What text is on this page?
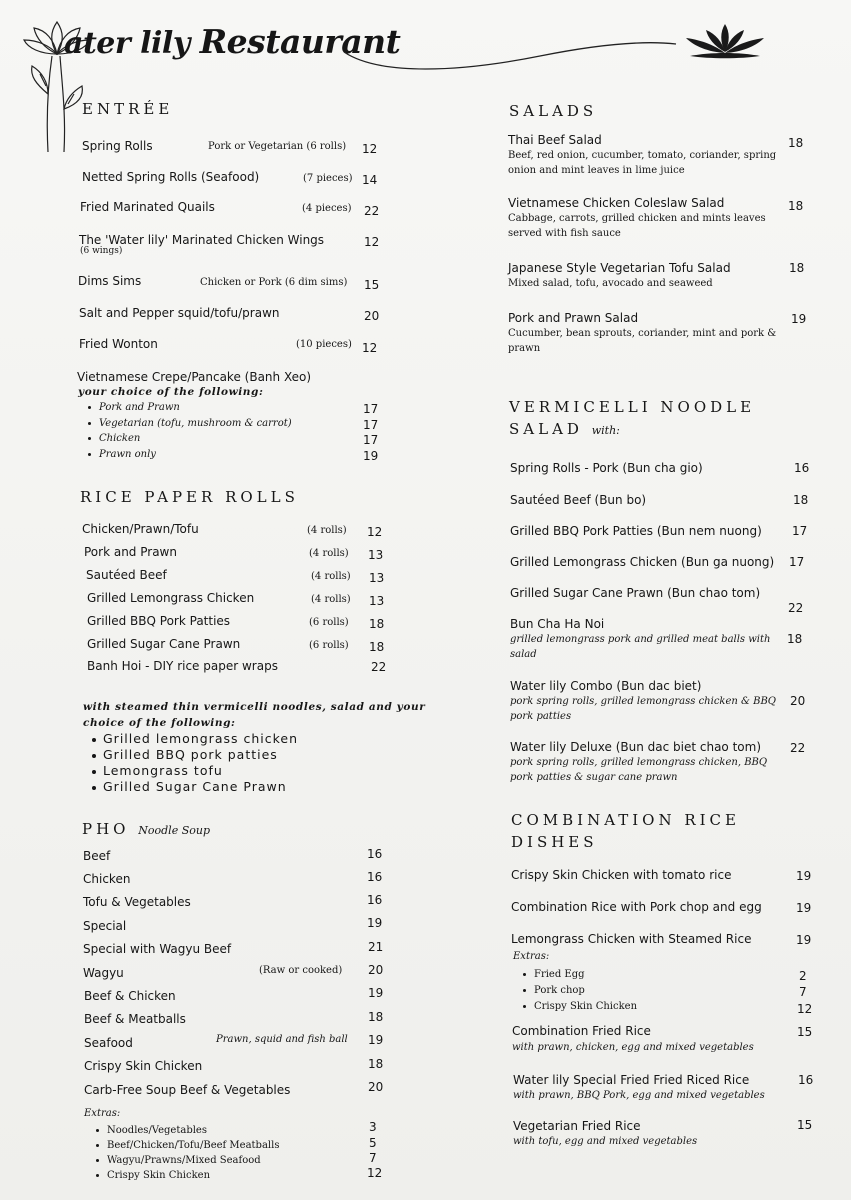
ater lily Restaurant
ENTRÉE
Spring Rolls	Pork or Vegetarian (6 rolls) 12
Netted Spring Rolls (Seafood)	(7 pieces) 14
Fried Marinated Quails	(4 pieces) 22
The 'Water lily' Marinated Chicken Wings
(6 wings)
12
Dims Sims	Chicken or Pork (6 dim sims) 15
Salt and Pepper squid/tofu/prawn	20
Fried Wonton	(10 pieces) 12
Vietnamese Crepe/Pancake (Banh Xeo)
your choice of the following:
Pork and Prawn	17
Vegetarian (tofu, mushroom & carrot)	17
Chicken	17
Prawn only	19
RICE PAPER ROLLS
Chicken/Prawn/Tofu	(4 rolls) 12
Pork and Prawn	(4 rolls) 13
Sautéed Beef	(4 rolls) 13
Grilled Lemongrass Chicken	(4 rolls) 13
Grilled BBQ Pork Patties	(6 rolls) 18
Grilled Sugar Cane Prawn	(6 rolls) 18
Banh Hoi - DIY rice paper wraps	22
with steamed thin vermicelli noodles, salad and your
choice of the following:
Grilled lemongrass chicken
Grilled BBQ pork patties
Lemongrass tofu
Grilled Sugar Cane Prawn
PHO Noodle Soup
Beef	16
Chicken	16
Tofu & Vegetables	16
Special	19
Special with Wagyu Beef	21
Wagyu	(Raw or cooked) 20
Beef & Chicken	19
Beef & Meatballs	18
Seafood	Prawn, squid and fish ball 19
Crispy Skin Chicken	18
Carb-Free Soup Beef & Vegetables	20
Extras:
Noodles/Vegetables	3
Beef/Chicken/Tofu/Beef Meatballs	5
Wagyu/Prawns/Mixed Seafood	7
Crispy Skin Chicken	12
SALADS
Thai Beef Salad
Beef, red onion, cucumber, tomato, coriander, spring onion and mint leaves in lime juice
18
Vietnamese Chicken Coleslaw Salad
Cabbage, carrots, grilled chicken and mints leaves served with fish sauce
18
Japanese Style Vegetarian Tofu Salad
Mixed salad, tofu, avocado and seaweed
18
Pork and Prawn Salad
Cucumber, bean sprouts, coriander, mint and pork & prawn
19
VERMICELLI NOODLE
SALAD with:
Spring Rolls - Pork (Bun cha gio)	16
Sautéed Beef (Bun bo)	18
Grilled BBQ Pork Patties (Bun nem nuong)	17
Grilled Lemongrass Chicken (Bun ga nuong) 17
Grilled Sugar Cane Prawn (Bun chao tom)
22
Bun Cha Ha Noi
grilled lemongrass pork and grilled meat balls with salad
18
Water lily Combo (Bun dac biet)
pork spring rolls, grilled lemongrass chicken & BBQ pork patties
20
Water lily Deluxe (Bun dac biet chao tom)
pork spring rolls, grilled lemongrass chicken, BBQ pork patties & sugar cane prawn
22
COMBINATION RICE
DISHES
Crispy Skin Chicken with tomato rice	19
Combination Rice with Pork chop and egg	19
Lemongrass Chicken with Steamed Rice	19
Extras:
Fried Egg	2
Pork chop	7
Crispy Skin Chicken	12
Combination Fried Rice
with prawn, chicken, egg and mixed vegetables
15
Water lily Special Fried Fried Riced Rice
with prawn, BBQ Pork, egg and mixed vegetables
16
Vegetarian Fried Rice
with tofu, egg and mixed vegetables
15
